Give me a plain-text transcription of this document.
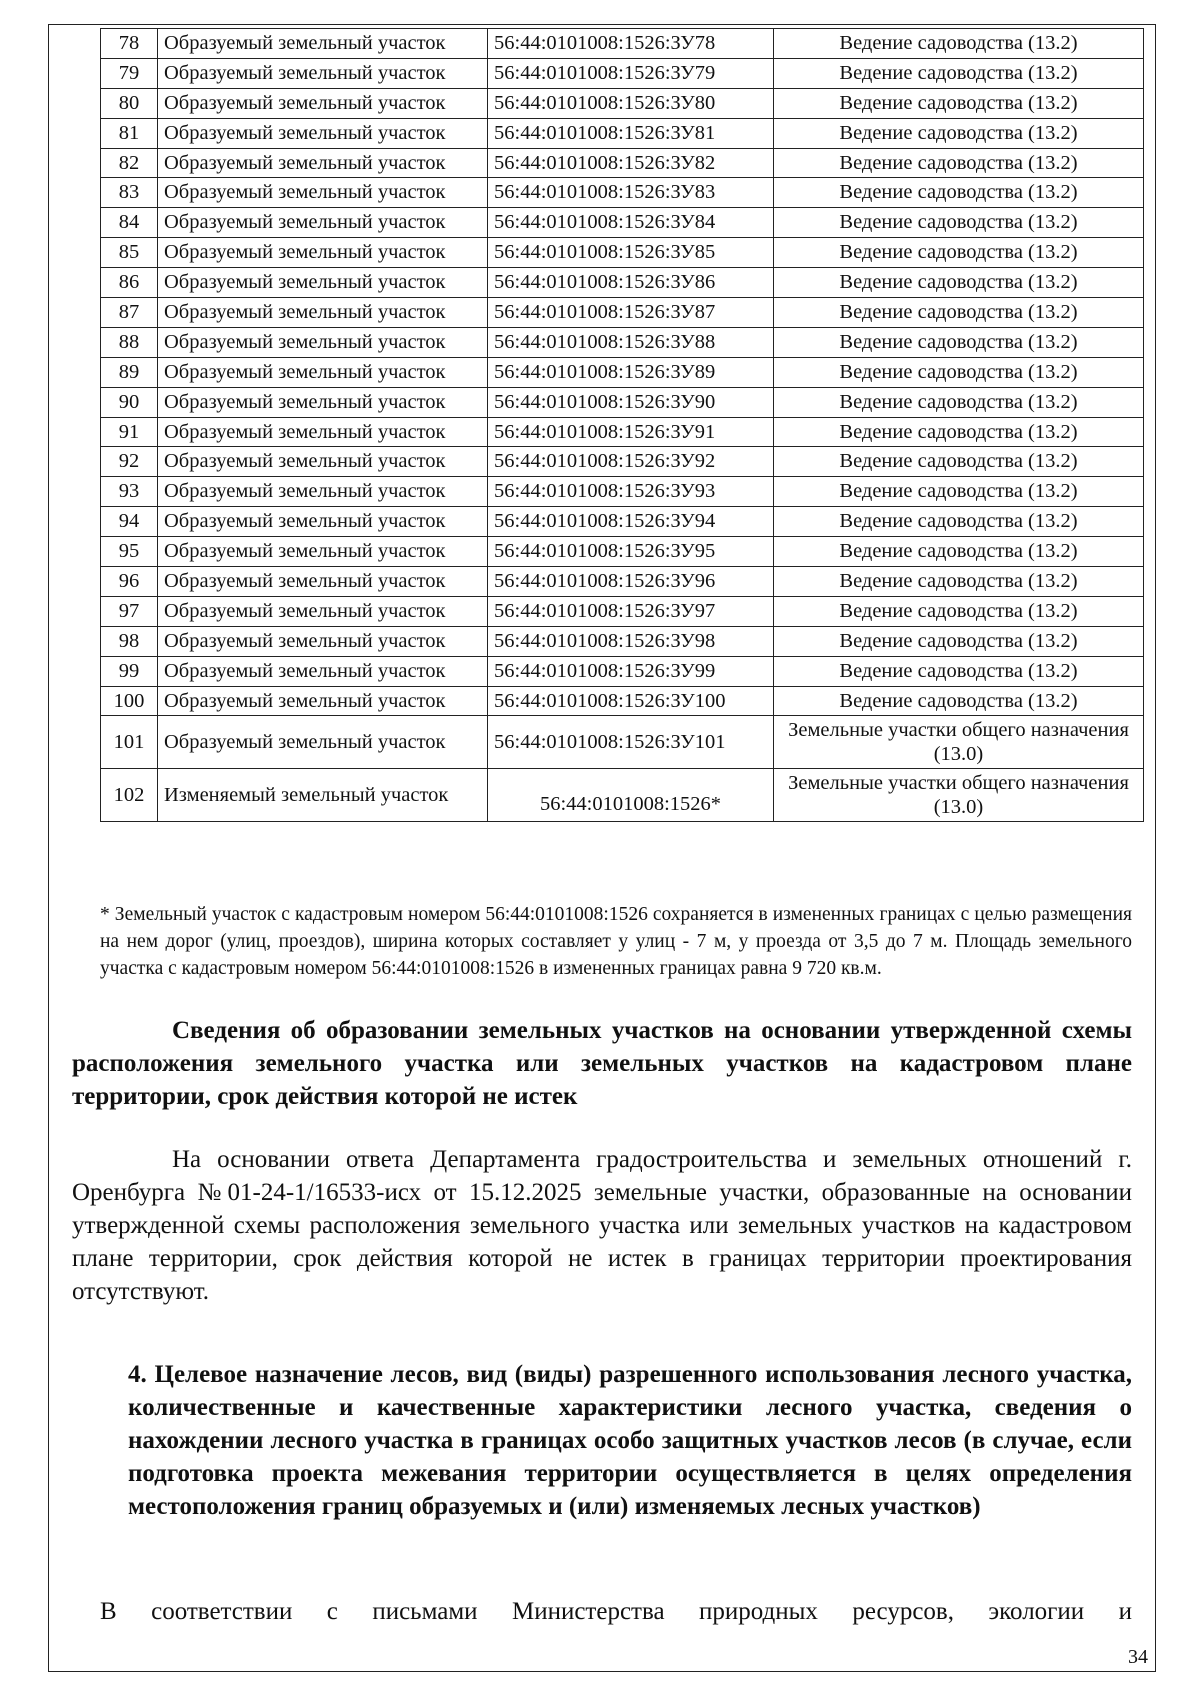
78	Образуемый земельный участок	56:44:0101008:1526:ЗУ78	Ведение садоводства (13.2)
79	Образуемый земельный участок	56:44:0101008:1526:ЗУ79	Ведение садоводства (13.2)
80	Образуемый земельный участок	56:44:0101008:1526:ЗУ80	Ведение садоводства (13.2)
81	Образуемый земельный участок	56:44:0101008:1526:ЗУ81	Ведение садоводства (13.2)
82	Образуемый земельный участок	56:44:0101008:1526:ЗУ82	Ведение садоводства (13.2)
83	Образуемый земельный участок	56:44:0101008:1526:ЗУ83	Ведение садоводства (13.2)
84	Образуемый земельный участок	56:44:0101008:1526:ЗУ84	Ведение садоводства (13.2)
85	Образуемый земельный участок	56:44:0101008:1526:ЗУ85	Ведение садоводства (13.2)
86	Образуемый земельный участок	56:44:0101008:1526:ЗУ86	Ведение садоводства (13.2)
87	Образуемый земельный участок	56:44:0101008:1526:ЗУ87	Ведение садоводства (13.2)
88	Образуемый земельный участок	56:44:0101008:1526:ЗУ88	Ведение садоводства (13.2)
89	Образуемый земельный участок	56:44:0101008:1526:ЗУ89	Ведение садоводства (13.2)
90	Образуемый земельный участок	56:44:0101008:1526:ЗУ90	Ведение садоводства (13.2)
91	Образуемый земельный участок	56:44:0101008:1526:ЗУ91	Ведение садоводства (13.2)
92	Образуемый земельный участок	56:44:0101008:1526:ЗУ92	Ведение садоводства (13.2)
93	Образуемый земельный участок	56:44:0101008:1526:ЗУ93	Ведение садоводства (13.2)
94	Образуемый земельный участок	56:44:0101008:1526:ЗУ94	Ведение садоводства (13.2)
95	Образуемый земельный участок	56:44:0101008:1526:ЗУ95	Ведение садоводства (13.2)
96	Образуемый земельный участок	56:44:0101008:1526:ЗУ96	Ведение садоводства (13.2)
97	Образуемый земельный участок	56:44:0101008:1526:ЗУ97	Ведение садоводства (13.2)
98	Образуемый земельный участок	56:44:0101008:1526:ЗУ98	Ведение садоводства (13.2)
99	Образуемый земельный участок	56:44:0101008:1526:ЗУ99	Ведение садоводства (13.2)
100	Образуемый земельный участок	56:44:0101008:1526:ЗУ100	Ведение садоводства (13.2)
101	Образуемый земельный участок	56:44:0101008:1526:ЗУ101	Земельные участки общего назначения (13.0)
102	Изменяемый земельный участок	56:44:0101008:1526*	Земельные участки общего назначения (13.0)

* Земельный участок с кадастровым номером 56:44:0101008:1526 сохраняется в измененных границах с целью размещения на нем дорог (улиц, проездов), ширина которых составляет у улиц - 7 м, у проезда от 3,5 до 7 м. Площадь земельного участка с кадастровым номером 56:44:0101008:1526 в измененных границах равна 9 720 кв.м.

Сведения об образовании земельных участков на основании утвержденной схемы расположения земельного участка или земельных участков на кадастровом плане территории, срок действия которой не истек

На основании ответа Департамента градостроительства и земельных отношений г. Оренбурга №01-24-1/16533-исх от 15.12.2025 земельные участки, образованные на основании утвержденной схемы расположения земельного участка или земельных участков на кадастровом плане территории, срок действия которой не истек в границах территории проектирования отсутствуют.

4. Целевое назначение лесов, вид (виды) разрешенного использования лесного участка, количественные и качественные характеристики лесного участка, сведения о нахождении лесного участка в границах особо защитных участков лесов (в случае, если подготовка проекта межевания территории осуществляется в целях определения местоположения границ образуемых и (или) изменяемых лесных участков)

В соответствии с письмами Министерства природных ресурсов, экологии и

34
